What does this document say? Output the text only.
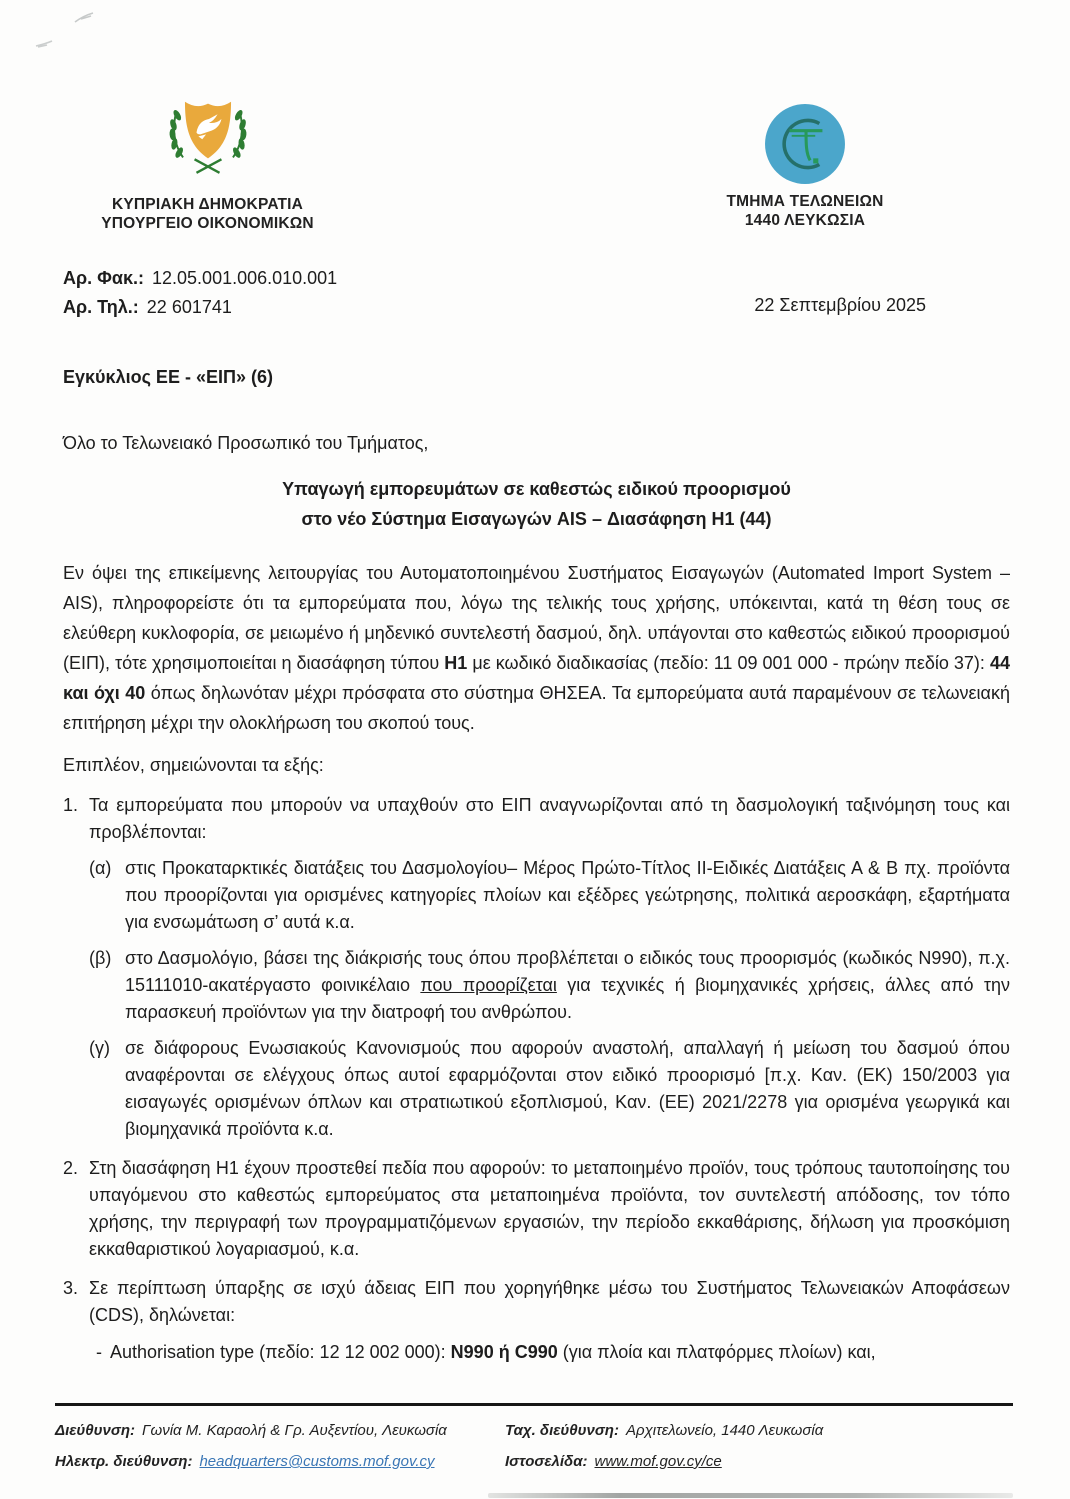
ΚΥΠΡΙΑΚΗ ΔΗΜΟΚΡΑΤΙΑ
ΥΠΟΥΡΓΕΙΟ ΟΙΚΟΝΟΜΙΚΩΝ
ΤΜΗΜΑ ΤΕΛΩΝΕΙΩΝ
1440 ΛΕΥΚΩΣΙΑ
Αρ. Φακ.: 12.05.001.006.010.001
Αρ. Τηλ.: 22 601741	22 Σεπτεμβρίου 2025
Εγκύκλιος ΕΕ - «ΕΙΠ» (6)
Όλο το Τελωνειακό Προσωπικό του Τμήματος,
Υπαγωγή εμπορευμάτων σε καθεστώς ειδικού προορισμού
στο νέο Σύστημα Εισαγωγών AIS – Διασάφηση Η1 (44)

Εν όψει της επικείμενης λειτουργίας του Αυτοματοποιημένου Συστήματος Εισαγωγών (Automated Import System – AIS), πληροφορείστε ότι τα εμπορεύματα που, λόγω της τελικής τους χρήσης, υπόκεινται, κατά τη θέση τους σε ελεύθερη κυκλοφορία, σε μειωμένο ή μηδενικό συντελεστή δασμού, δηλ. υπάγονται στο καθεστώς ειδικού προορισμού (ΕΙΠ), τότε χρησιμοποιείται η διασάφηση τύπου Η1 με κωδικό διαδικασίας (πεδίο: 11 09 001 000 - πρώην πεδίο 37): 44 και όχι 40 όπως δηλωνόταν μέχρι πρόσφατα στο σύστημα ΘΗΣΕΑ. Τα εμπορεύματα αυτά παραμένουν σε τελωνειακή επιτήρηση μέχρι την ολοκλήρωση του σκοπού τους.

Επιπλέον, σημειώνονται τα εξής:
1. Τα εμπορεύματα που μπορούν να υπαχθούν στο ΕΙΠ αναγνωρίζονται από τη δασμολογική ταξινόμηση τους και προβλέπονται:
(α) στις Προκαταρκτικές διατάξεις του Δασμολογίου– Μέρος Πρώτο-Τίτλος ΙΙ-Ειδικές Διατάξεις Α & Β πχ. προϊόντα που προορίζονται για ορισμένες κατηγορίες πλοίων και εξέδρες γεώτρησης, πολιτικά αεροσκάφη, εξαρτήματα για ενσωμάτωση σ’ αυτά κ.α.
(β) στο Δασμολόγιο, βάσει της διάκρισής τους όπου προβλέπεται ο ειδικός τους προορισμός (κωδικός N990), π.χ. 15111010-ακατέργαστο φοινικέλαιο που προορίζεται για τεχνικές ή βιομηχανικές χρήσεις, άλλες από την παρασκευή προϊόντων για την διατροφή του ανθρώπου.
(γ) σε διάφορους Ενωσιακούς Κανονισμούς που αφορούν αναστολή, απαλλαγή ή μείωση του δασμού όπου αναφέρονται σε ελέγχους όπως αυτοί εφαρμόζονται στον ειδικό προορισμό [π.χ. Καν. (ΕΚ) 150/2003 για εισαγωγές ορισμένων όπλων και στρατιωτικού εξοπλισμού, Καν. (ΕΕ) 2021/2278 για ορισμένα γεωργικά και βιομηχανικά προϊόντα κ.α.
2. Στη διασάφηση Η1 έχουν προστεθεί πεδία που αφορούν: το μεταποιημένο προϊόν, τους τρόπους ταυτοποίησης του υπαγόμενου στο καθεστώς εμπορεύματος στα μεταποιημένα προϊόντα, τον συντελεστή απόδοσης, τον τόπο χρήσης, την περιγραφή των προγραμματιζόμενων εργασιών, την περίοδο εκκαθάρισης, δήλωση για προσκόμιση εκκαθαριστικού λογαριασμού, κ.α.
3. Σε περίπτωση ύπαρξης σε ισχύ άδειας ΕΙΠ που χορηγήθηκε μέσω του Συστήματος Τελωνειακών Αποφάσεων (CDS), δηλώνεται:
- Authorisation type (πεδίο: 12 12 002 000): N990 ή C990 (για πλοία και πλατφόρμες πλοίων) και,
Διεύθυνση: Γωνία Μ. Καραολή & Γρ. Αυξεντίου, Λευκωσία	Ταχ. διεύθυνση: Αρχιτελωνείο, 1440 Λευκωσία
Ηλεκτρ. διεύθυνση: headquarters@customs.mof.gov.cy	Ιστοσελίδα: www.mof.gov.cy/ce
